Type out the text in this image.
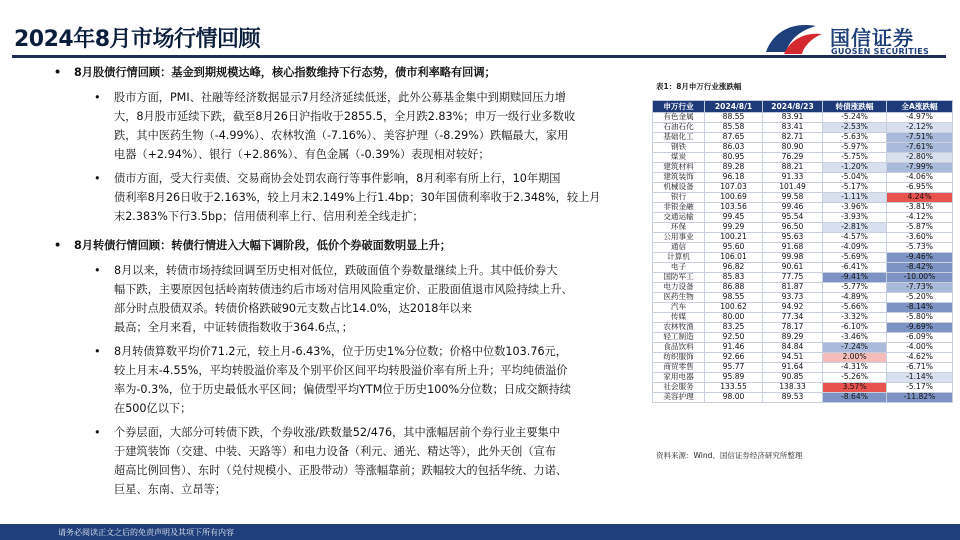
2024年8月市场行情回顾	国信证券
GUOSEN SECURITIES
• 8月股债行情回顾：基金到期规模达峰，核心指数维持下行态势，债市利率略有回调；
• 股市方面，PMI、社融等经济数据显示7月经济延续低迷，此外公募基金集中到期赎回压力增
大，8月股市延续下跌，截至8月26日沪指收于2855.5，全月跌2.83%；申万一级行业多数收
跌，其中医药生物（-4.99%）、农林牧渔（-7.16%）、美容护理（-8.29%）跌幅最大，家用
电器（+2.94%）、银行（+2.86%）、有色金属（-0.39%）表现相对较好；
• 债市方面，受大行卖债、交易商协会处罚农商行等事件影响，8月利率有所上行，10年期国
债利率8月26日收于2.163%，较上月末2.149%上行1.4bp；30年国债利率收于2.348%，较上月
末2.383%下行3.5bp；信用债利率上行、信用利差全线走扩；
• 8月转债行情回顾：转债行情进入大幅下调阶段，低价个券破面数明显上升；
• 8月以来，转债市场持续回调至历史相对低位，跌破面值个券数量继续上升。其中低价券大
幅下跌，主要原因包括岭南转债违约后市场对信用风险重定价、正股面值退市风险持续上升、
部分时点股债双杀。转债价格跌破90元支数占比14.0%，达2018年以来
最高；全月来看，中证转债指数收于364.6点，；
• 8月转债算数平均价71.2元，较上月-6.43%，位于历史1%分位数；价格中位数103.76元，
较上月末-4.55%，平均转股溢价率及个别平价区间平均转股溢价率有所上升；平均纯债溢价
率为-0.3%，位于历史最低水平区间；偏债型平均YTM位于历史100%分位数；日成交额持续
在500亿以下；
• 个券层面，大部分可转债下跌，个券收涨/跌数量52/476，其中涨幅居前个券行业主要集中
于建筑装饰（交建、中装、天路等）和电力设备（利元、通光、精达等），此外天创（宣布
超高比例回售）、东时（兑付规模小、正股带动）等涨幅靠前；跌幅较大的包括华统、力诺、
巨星、东南、立昂等；
表1：8月申万行业涨跌幅
申万行业	2024/8/1	2024/8/23	转债涨跌幅	全A涨跌幅
有色金属	88.55	83.91	-5.24%	-4.97%
石油石化	85.58	83.41	-2.53%	-2.12%
基础化工	87.65	82.71	-5.63%	-7.51%
钢铁	86.03	80.90	-5.97%	-7.61%
煤炭	80.95	76.29	-5.75%	-2.80%
建筑材料	89.28	88.21	-1.20%	-7.99%
建筑装饰	96.18	91.33	-5.04%	-4.06%
机械设备	107.03	101.49	-5.17%	-6.95%
银行	100.69	99.58	-1.11%	4.24%
非银金融	103.56	99.46	-3.96%	-3.81%
交通运输	99.45	95.54	-3.93%	-4.12%
环保	99.29	96.50	-2.81%	-5.87%
公用事业	100.21	95.63	-4.57%	-3.60%
通信	95.60	91.68	-4.09%	-5.73%
计算机	106.01	99.98	-5.69%	-9.46%
电子	96.82	90.61	-6.41%	-8.42%
国防军工	85.83	77.75	-9.41%	-10.00%
电力设备	86.88	81.87	-5.77%	-7.73%
医药生物	98.55	93.73	-4.89%	-5.20%
汽车	100.62	94.92	-5.66%	-8.14%
传媒	80.00	77.34	-3.32%	-5.80%
农林牧渔	83.25	78.17	-6.10%	-9.69%
轻工制造	92.50	89.29	-3.46%	-6.09%
食品饮料	91.46	84.84	-7.24%	-4.00%
纺织服饰	92.66	94.51	2.00%	-4.62%
商贸零售	95.77	91.64	-4.31%	-6.71%
家用电器	95.89	90.85	-5.26%	-1.14%
社会服务	133.55	138.33	3.57%	-5.17%
美容护理	98.00	89.53	-8.64%	-11.82%
资料来源：Wind、国信证券经济研究所整理
请务必阅读正文之后的免责声明及其项下所有内容
